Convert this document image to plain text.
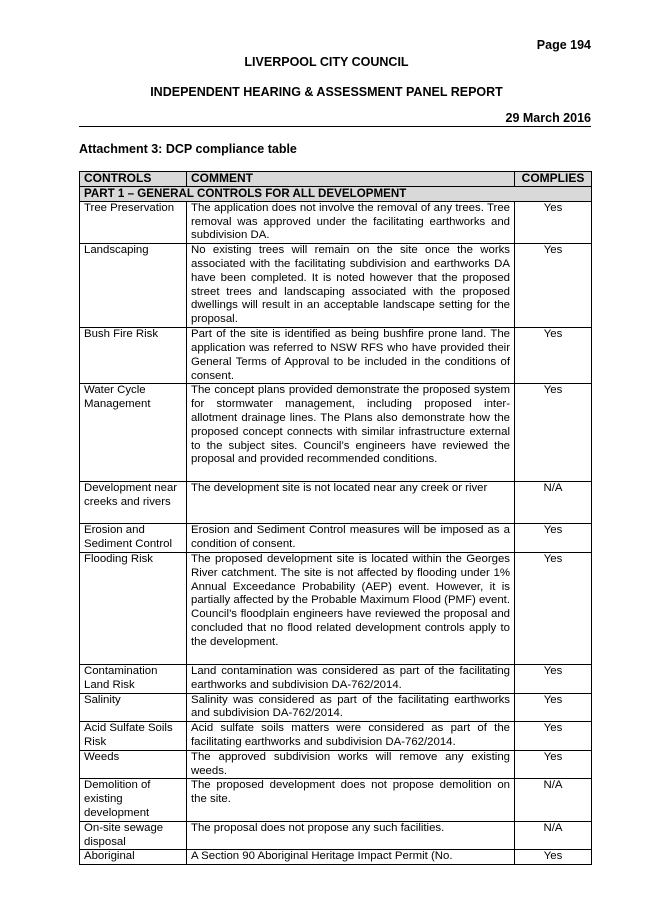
Page 194
LIVERPOOL CITY COUNCIL
INDEPENDENT HEARING & ASSESSMENT PANEL REPORT
29 March 2016
Attachment 3: DCP compliance table
CONTROLS	COMMENT	COMPLIES
PART 1 – GENERAL CONTROLS FOR ALL DEVELOPMENT		
Tree Preservation	The application does not involve the removal of any trees. Tree removal was approved under the facilitating earthworks and subdivision DA.	Yes
Landscaping	No existing trees will remain on the site once the works associated with the facilitating subdivision and earthworks DA have been completed. It is noted however that the proposed street trees and landscaping associated with the proposed dwellings will result in an acceptable landscape setting for the proposal.	Yes
Bush Fire Risk	Part of the site is identified as being bushfire prone land. The application was referred to NSW RFS who have provided their General Terms of Approval to be included in the conditions of consent.	Yes
Water Cycle Management	The concept plans provided demonstrate the proposed system for stormwater management, including proposed inter-allotment drainage lines. The Plans also demonstrate how the proposed concept connects with similar infrastructure external to the subject sites. Council’s engineers have reviewed the proposal and provided recommended conditions.	Yes
Development near creeks and rivers	The development site is not located near any creek or river	N/A
Erosion and Sediment Control	Erosion and Sediment Control measures will be imposed as a condition of consent.	Yes
Flooding Risk	The proposed development site is located within the Georges River catchment. The site is not affected by flooding under 1% Annual Exceedance Probability (AEP) event. However, it is partially affected by the Probable Maximum Flood (PMF) event. Council’s floodplain engineers have reviewed the proposal and concluded that no flood related development controls apply to the development.	Yes
Contamination Land Risk	Land contamination was considered as part of the facilitating earthworks and subdivision DA-762/2014.	Yes
Salinity	Salinity was considered as part of the facilitating earthworks and subdivision DA-762/2014.	Yes
Acid Sulfate Soils Risk	Acid sulfate soils matters were considered as part of the facilitating earthworks and subdivision DA-762/2014.	Yes
Weeds	The approved subdivision works will remove any existing weeds.	Yes
Demolition of existing development	The proposed development does not propose demolition on the site.	N/A
On-site sewage disposal	The proposal does not propose any such facilities.	N/A
Aboriginal	A Section 90 Aboriginal Heritage Impact Permit (No.	Yes
